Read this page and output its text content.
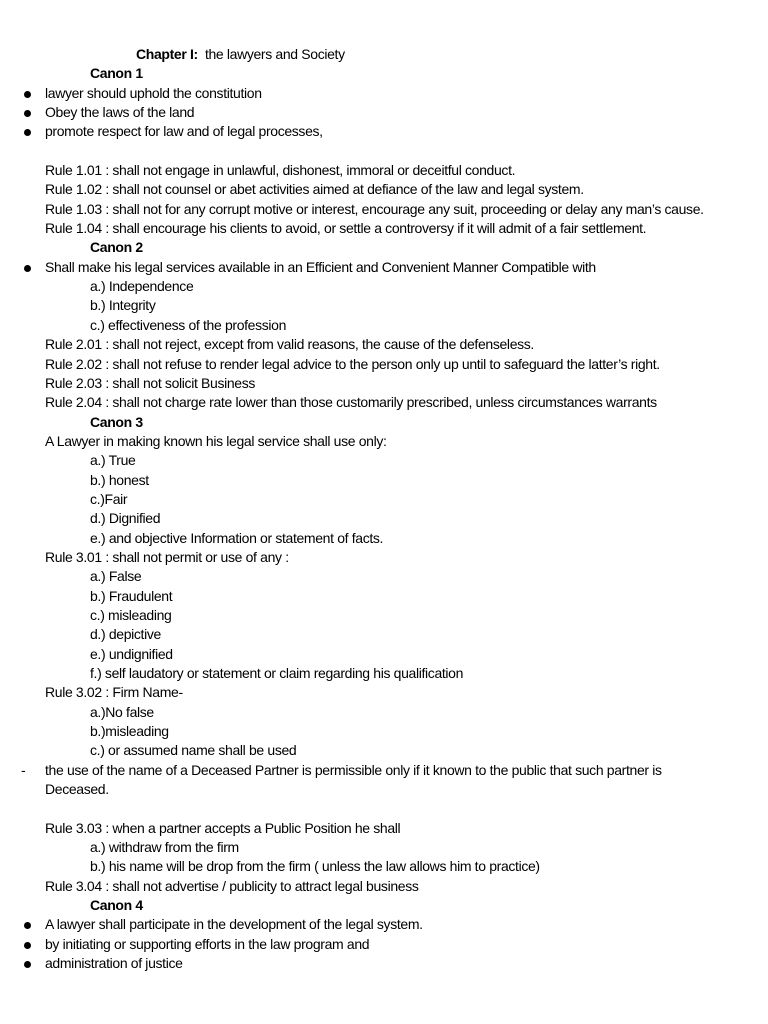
Chapter I: the lawyers and Society
Canon 1
lawyer should uphold the constitution
Obey the laws of the land
promote respect for law and of legal processes,
Rule 1.01 : shall not engage in unlawful, dishonest, immoral or deceitful conduct.
Rule 1.02 : shall not counsel or abet activities aimed at defiance of the law and legal system.
Rule 1.03 : shall not for any corrupt motive or interest, encourage any suit, proceeding or delay any man’s cause.
Rule 1.04 : shall encourage his clients to avoid, or settle a controversy if it will admit of a fair settlement.
Canon 2
Shall make his legal services available in an Efficient and Convenient Manner Compatible with
a.) Independence
b.) Integrity
c.) effectiveness of the profession
Rule 2.01 : shall not reject, except from valid reasons, the cause of the defenseless.
Rule 2.02 : shall not refuse to render legal advice to the person only up until to safeguard the latter’s right.
Rule 2.03 : shall not solicit Business
Rule 2.04 : shall not charge rate lower than those customarily prescribed, unless circumstances warrants
Canon 3
A Lawyer in making known his legal service shall use only:
a.) True
b.) honest
c.)Fair
d.) Dignified
e.) and objective Information or statement of facts.
Rule 3.01 : shall not permit or use of any :
a.) False
b.) Fraudulent
c.) misleading
d.) depictive
e.) undignified
f.) self laudatory or statement or claim regarding his qualification
Rule 3.02 : Firm Name-
a.)No false
b.)misleading
c.) or assumed name shall be used
- the use of the name of a Deceased Partner is permissible only if it known to the public that such partner is Deceased.
Rule 3.03 : when a partner accepts a Public Position he shall
a.) withdraw from the firm
b.) his name will be drop from the firm ( unless the law allows him to practice)
Rule 3.04 : shall not advertise / publicity to attract legal business
Canon 4
A lawyer shall participate in the development of the legal system.
by initiating or supporting efforts in the law program and
administration of justice
